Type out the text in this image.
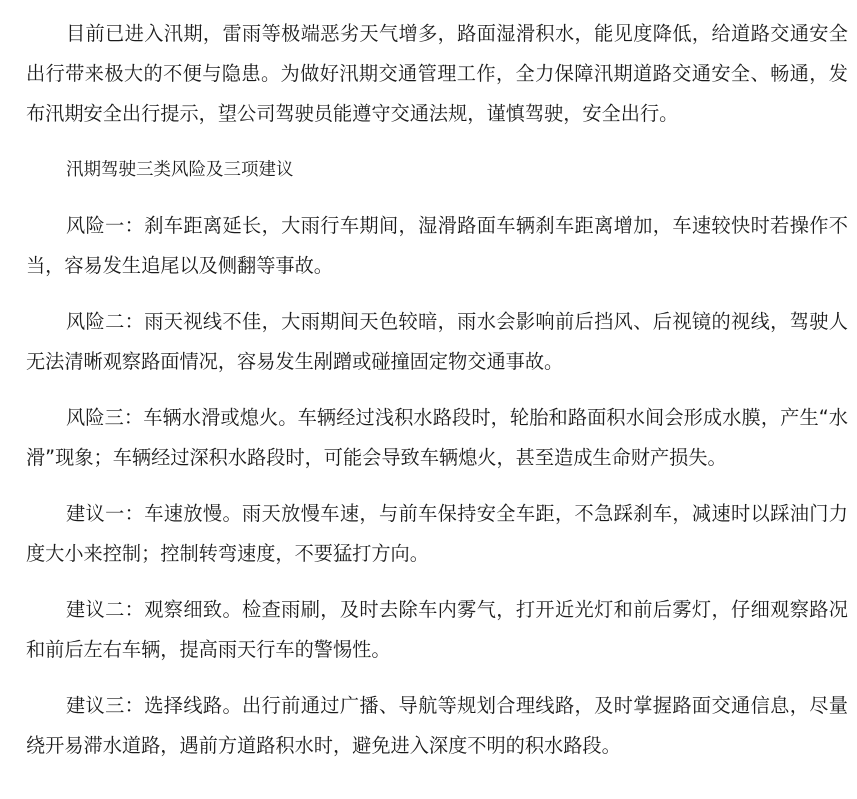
目前已进入汛期，雷雨等极端恶劣天气增多，路面湿滑积水，能见度降低，给道路交通安全出行带来极大的不便与隐患。为做好汛期交通管理工作，全力保障汛期道路交通安全、畅通，发布汛期安全出行提示，望公司驾驶员能遵守交通法规，谨慎驾驶，安全出行。

汛期驾驶三类风险及三项建议

风险一：刹车距离延长，大雨行车期间，湿滑路面车辆刹车距离增加，车速较快时若操作不当，容易发生追尾以及侧翻等事故。

风险二：雨天视线不佳，大雨期间天色较暗，雨水会影响前后挡风、后视镜的视线，驾驶人无法清晰观察路面情况，容易发生剐蹭或碰撞固定物交通事故。

风险三：车辆水滑或熄火。车辆经过浅积水路段时，轮胎和路面积水间会形成水膜，产生“水滑”现象；车辆经过深积水路段时，可能会导致车辆熄火，甚至造成生命财产损失。

建议一：车速放慢。雨天放慢车速，与前车保持安全车距，不急踩刹车，减速时以踩油门力度大小来控制；控制转弯速度，不要猛打方向。

建议二：观察细致。检查雨刷，及时去除车内雾气，打开近光灯和前后雾灯，仔细观察路况和前后左右车辆，提高雨天行车的警惕性。

建议三：选择线路。出行前通过广播、导航等规划合理线路，及时掌握路面交通信息，尽量绕开易滞水道路，遇前方道路积水时，避免进入深度不明的积水路段。
